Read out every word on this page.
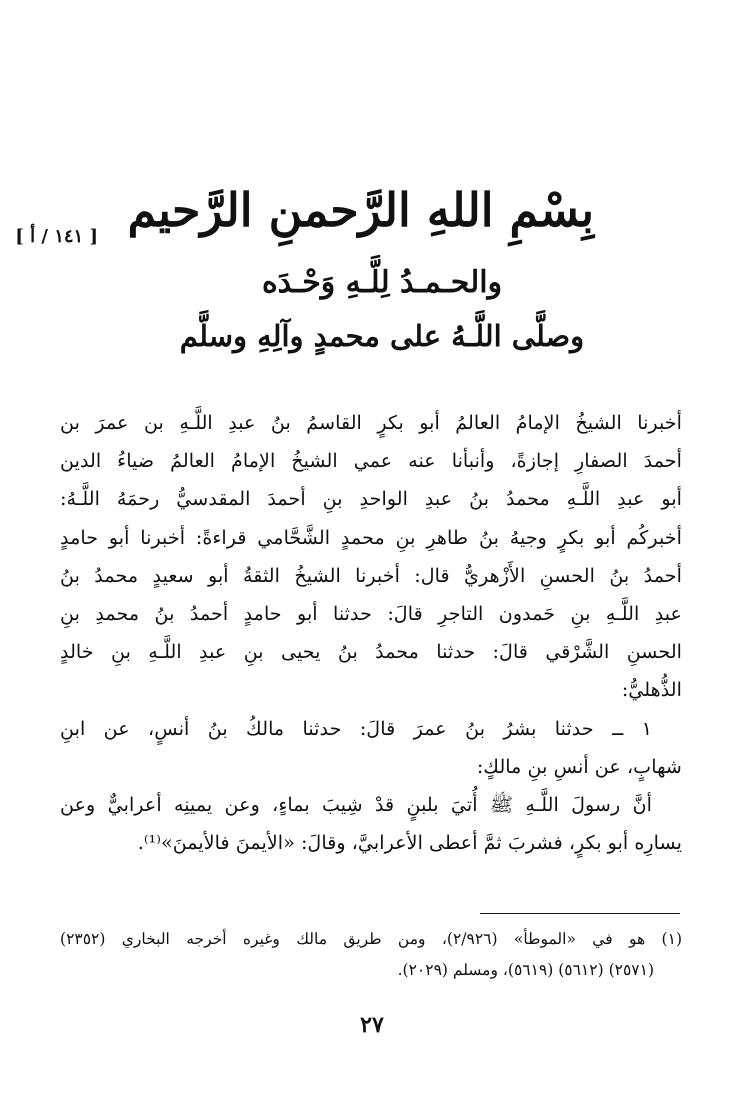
بِسْمِ اللهِ الرَّحمنِ الرَّحيم
[ ١٤١ / أ ]
والحـمـدُ لِلَّـهِ وَحْـدَه
وصلَّى اللَّـهُ على محمدٍ وآلِهِ وسلَّم
أخبرنا الشيخُ الإمامُ العالمُ أبو بكرٍ القاسمُ بنُ عبدِ اللَّـهِ بن عمرَ بن
أحمدَ الصفارِ إجازةً، وأنبأنا عنه عمي الشيخُ الإمامُ العالمُ ضياءُ الدين
أبو عبدِ اللَّـهِ محمدُ بنُ عبدِ الواحدِ بنِ أحمدَ المقدسيُّ رحمَهُ اللَّـهُ:
أخبركُم أبو بكرٍ وجيهُ بنُ طاهرِ بنِ محمدٍ الشَّحَّامي قراءةً: أخبرنا أبو حامدٍ
أحمدُ بنُ الحسنِ الأَزْهريُّ قال: أخبرنا الشيخُ الثقةُ أبو سعيدٍ محمدُ بنُ
عبدِ اللَّـهِ بنِ حَمدون التاجرِ قالَ: حدثنا أبو حامدٍ أحمدُ بنُ محمدِ بنِ
الحسنِ الشَّرْقي قالَ: حدثنا محمدُ بنُ يحيى بنِ عبدِ اللَّـهِ بنِ خالدٍ
الذُّهليُّ:
١ ــ حدثنا بشرُ بنُ عمرَ قالَ: حدثنا مالكُ بنُ أنسٍ، عن ابنِ
شهابٍ، عن أنسِ بنِ مالكٍ:
أنَّ رسولَ اللَّـهِ ﷺ أُتيَ بلبنٍ قدْ شِيبَ بماءٍ، وعن يمينِه أعرابيٌّ وعن
يسارِه أبو بكرٍ، فشربَ ثمَّ أعطى الأعرابيَّ، وقالَ: «الأيمنَ فالأيمنَ»⁽¹⁾.
(١) هو في «الموطأ» (٢/٩٢٦)، ومن طريق مالك وغيره أخرجه البخاري (٢٣٥٢)
(٢٥٧١) (٥٦١٢) (٥٦١٩)، ومسلم (٢٠٢٩).
٢٧
